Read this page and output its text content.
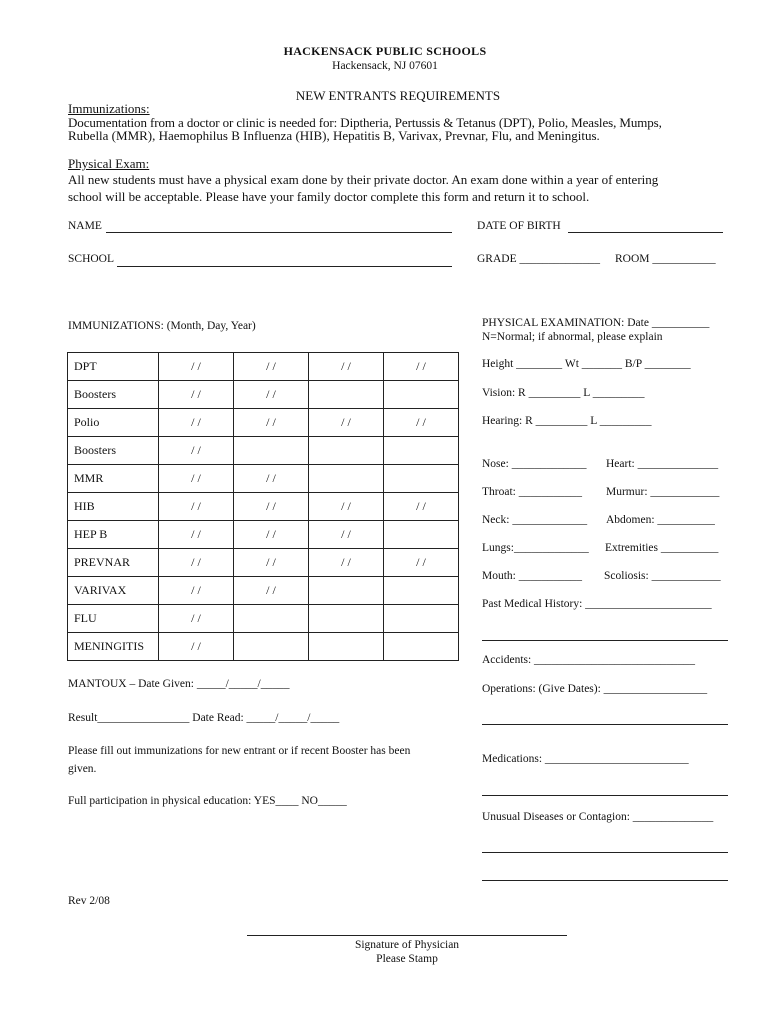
HACKENSACK PUBLIC SCHOOLS
Hackensack, NJ 07601
NEW ENTRANTS REQUIREMENTS
Immunizations:
Documentation from a doctor or clinic is needed for: Diptheria, Pertussis & Tetanus (DPT), Polio, Measles, Mumps,
Rubella (MMR), Haemophilus B Influenza (HIB), Hepatitis B, Varivax, Prevnar, Flu, and Meningitus.
Physical Exam:
All new students must have a physical exam done by their private doctor. An exam done within a year of entering
school will be acceptable. Please have your family doctor complete this form and return it to school.
NAME	DATE OF BIRTH
SCHOOL	GRADE ______________ ROOM ___________
IMMUNIZATIONS: (Month, Day, Year)
DPT	/ /	/ /	/ /	/ /
Boosters	/ /	/ /		
Polio	/ /	/ /	/ /	/ /
Boosters	/ /			
MMR	/ /	/ /		
HIB	/ /	/ /	/ /	/ /
HEP B	/ /	/ /	/ /	
PREVNAR	/ /	/ /	/ /	/ /
VARIVAX	/ /	/ /		
FLU	/ /			
MENINGITIS	/ /			
MANTOUX – Date Given: _____/_____/_____
Result________________ Date Read: _____/_____/_____
Please fill out immunizations for new entrant or if recent Booster has been
given.
Full participation in physical education: YES____ NO_____
Rev 2/08
PHYSICAL EXAMINATION: Date __________
N=Normal; if abnormal, please explain
Height ________ Wt _______ B/P ________
Vision: R _________ L _________
Hearing: R _________ L _________
Nose: _____________ Heart: ______________
Throat: ___________ Murmur: ____________
Neck: _____________ Abdomen: __________
Lungs:_____________ Extremities __________
Mouth: ___________ Scoliosis: ____________
Past Medical History: ______________________
Accidents: ____________________________
Operations: (Give Dates): __________________
Medications: _________________________
Unusual Diseases or Contagion: ______________
Signature of Physician
Please Stamp
